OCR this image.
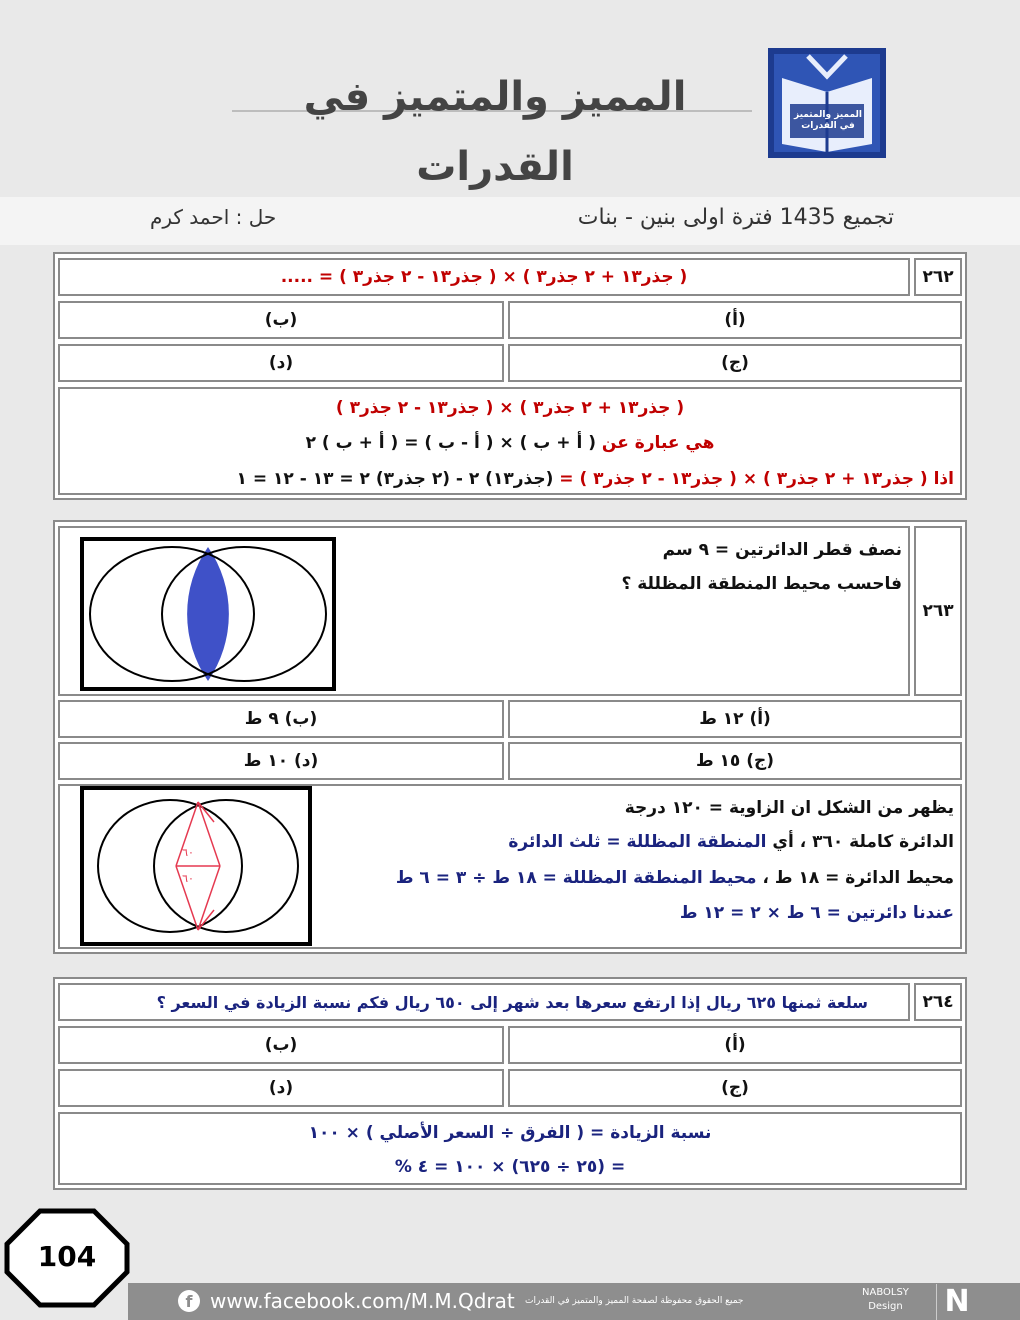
المميز والمتميز في القدرات
المميز والمتميز في القدرات
تجميع 1435 فترة اولى بنين - بنات
حل : احمد كرم
٢٦٢
( جذر١٣ + ٢ جذر٣ ) × ( جذر١٣ - ٢ جذر٣ ) = .....
(أ)
(ب)
(ج)
(د)
( جذر١٣ + ٢ جذر٣ ) × ( جذر١٣ - ٢ جذر٣ )
هي عبارة عن ( أ + ب ) × ( أ - ب ) = ( أ + ب ) ٢
اذا ( جذر١٣ + ٢ جذر٣ ) × ( جذر١٣ - ٢ جذر٣ ) = (جذر١٣) ٢ - (٢ جذر٣) ٢ = ١٣ - ١٢ = ١
٢٦٣
نصف قطر الدائرتين = ٩ سم
فاحسب محيط المنطقة المظللة ؟
(أ) ١٢ ط
(ب) ٩ ط
(ج) ١٥ ط
(د) ١٠ ط
يظهر من الشكل ان الزاوية = ١٢٠ درجة
الدائرة كاملة ٣٦٠ ، أي المنطقة المظللة = ثلث الدائرة
محيط الدائرة = ١٨ ط ، محيط المنطقة المظللة = ١٨ ط ÷ ٣ = ٦ ط
عندنا دائرتين = ٦ ط × ٢ = ١٢ ط
٦٠
٦٠
٢٦٤
سلعة ثمنها ٦٢٥ ريال إذا ارتفع سعرها بعد شهر إلى ٦٥٠ ريال فكم نسبة الزيادة في السعر ؟
(أ)
(ب)
(ج)
(د)
نسبة الزيادة = ( الفرق ÷ السعر الأصلي ) × ١٠٠
= (٢٥ ÷ ٦٢٥) × ١٠٠ = ٤ %
104
f www.facebook.com/M.M.Qdrat جميع الحقوق محفوظة لصفحة المميز والمتميز في القدرات
NABOLSY
Design N
